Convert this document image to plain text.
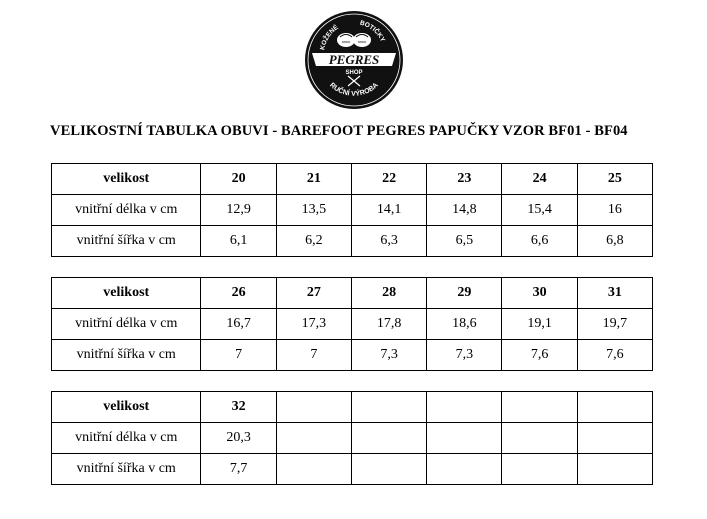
KOŽENÉ
BOTIČKY
PEGRES
SHOP
RUČNÍ VÝROBA
VELIKOSTNÍ TABULKA OBUVI - BAREFOOT PEGRES PAPUČKY VZOR BF01 - BF04
velikost	20	21	22	23	24	25
vnitřní délka v cm	12,9	13,5	14,1	14,8	15,4	16
vnitřní šířka v cm	6,1	6,2	6,3	6,5	6,6	6,8
velikost	26	27	28	29	30	31
vnitřní délka v cm	16,7	17,3	17,8	18,6	19,1	19,7
vnitřní šířka v cm	7	7	7,3	7,3	7,6	7,6
velikost	32					
vnitřní délka v cm	20,3					
vnitřní šířka v cm	7,7					
